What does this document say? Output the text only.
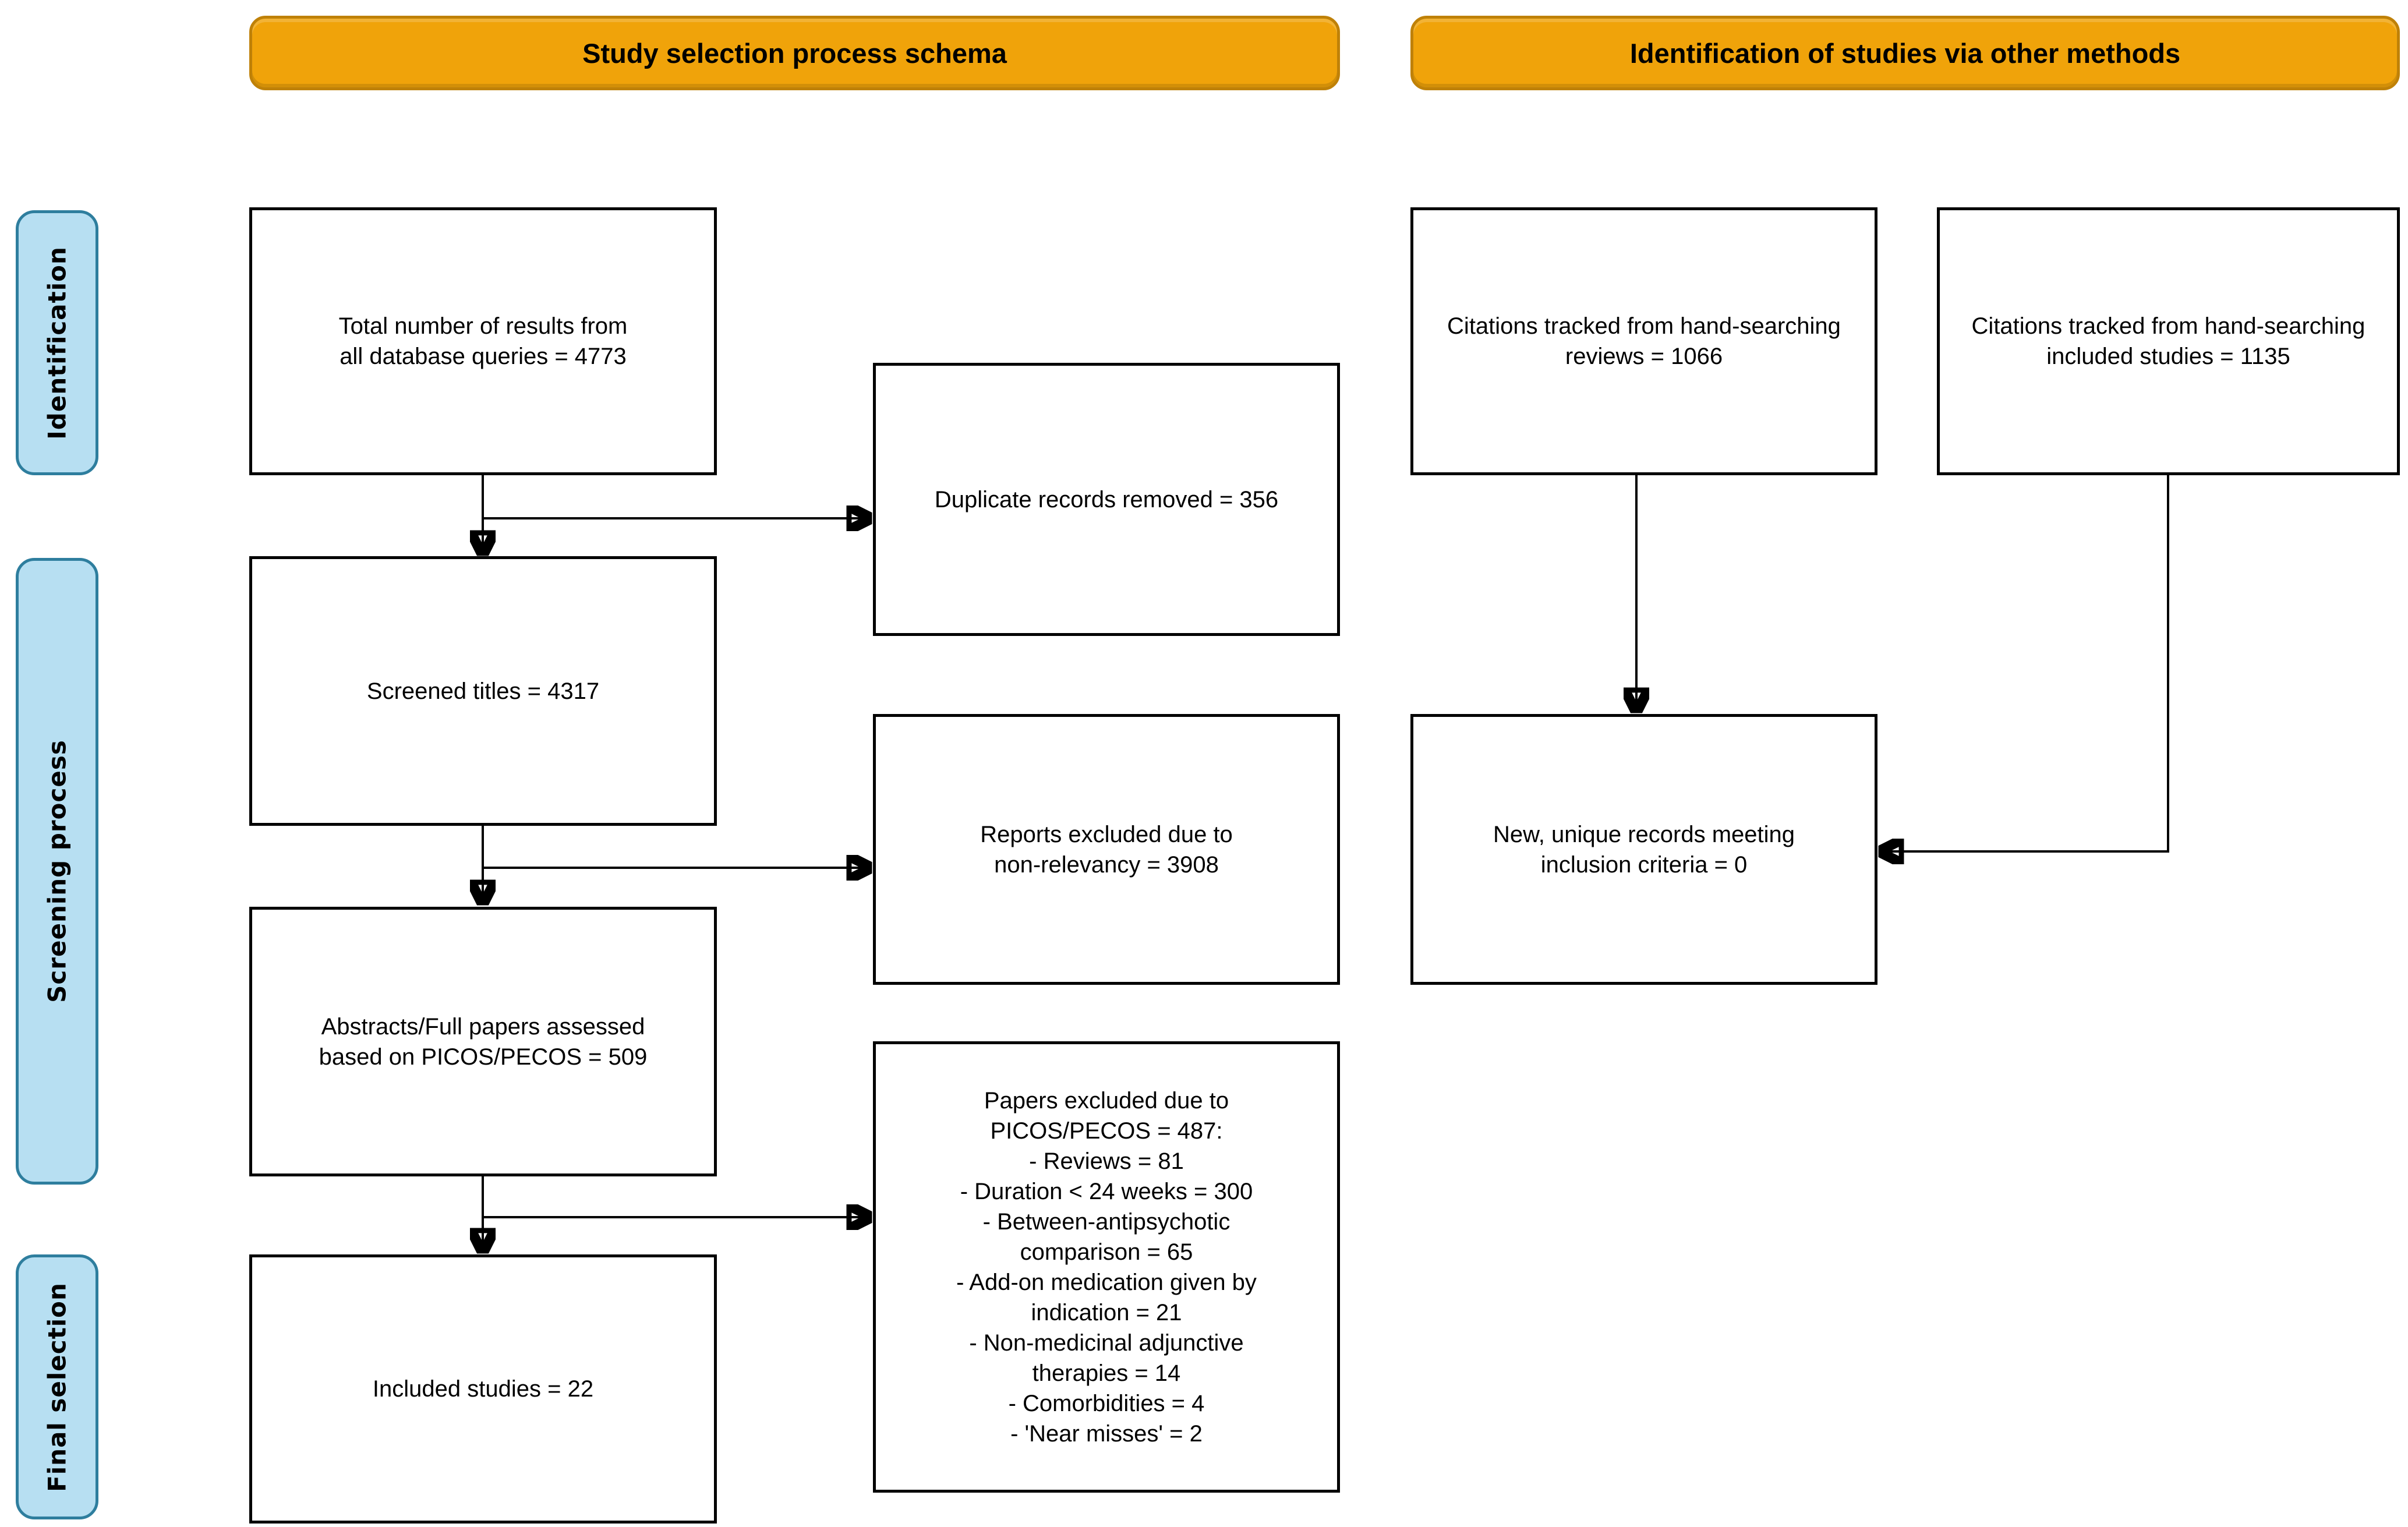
Study selection process schema	Identification of studies via other methods
Identification
Screening process
Final selection
Total number of results from
all database queries = 4773
Duplicate records removed = 356
Screened titles = 4317
Reports excluded due to
non-relevancy = 3908
Abstracts/Full papers assessed
based on PICOS/PECOS = 509
Papers excluded due to
PICOS/PECOS = 487:
- Reviews = 81
- Duration < 24 weeks = 300
- Between-antipsychotic
comparison = 65
- Add-on medication given by
indication = 21
- Non-medicinal adjunctive
therapies = 14
- Comorbidities = 4
- 'Near misses' = 2
Included studies = 22
Citations tracked from hand-searching
reviews = 1066
Citations tracked from hand-searching
included studies = 1135
New, unique records meeting
inclusion criteria = 0
